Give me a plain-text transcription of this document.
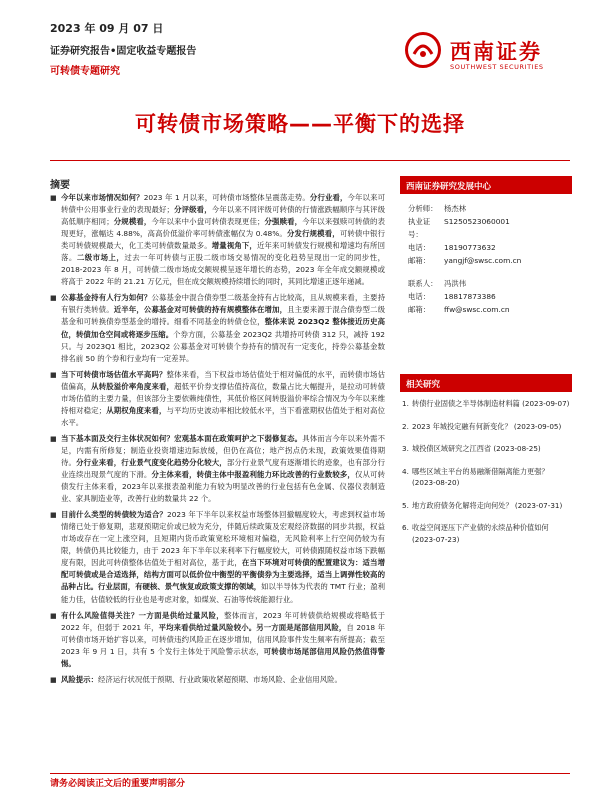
2023 年 09 月 07 日
证券研究报告•固定收益专题报告
可转债专题研究
西南证券
SOUTHWEST SECURITIES
可转债市场策略——平衡下的选择
摘要
■ 今年以来市场情况如何？2023 年 1 月以来，可转债市场整体呈震荡走势。分行业看，今年以来可转债中公用事业行业的表现最好；分评级看，今年以来不同评级可转债的行情涨跌幅顺序与其评级高低顺序相同；分规模看，今年以来中小盘可转债表现更佳；分强赎看，今年以来强赎可转债的表现更好，涨幅达 4.88%，高高价低溢价率可转债涨幅仅为 0.48%。分发行规模看，可转债中银行类可转债规模最大，化工类可转债数量最多。增量视角下，近年来可转债发行规模和增速均有所回落。二级市场上，过去一年可转债与正股二级市场交易情况的变化趋势呈现出一定的同步性，2018-2023 年 8 月，可转债二级市场成交额规模呈逐年增长的态势，2023 年全年成交额规模或将高于 2022 年的 21.21 万亿元，但在成交额规模持续增长的同时，其同比增速正逐年递减。
■ 公募基金持有人行为如何？公募基金中混合债券型二级基金持有占比较高，且从规模来看，主要持有银行类转债。近半年，公募基金对可转债的持有规模整体在增加，且主要来源于混合债券型二级基金和可转换债券型基金的增持。细看不同基金的转债仓位，整体来说 2023Q2 整体接近历史高位，转债加仓空间或将逐步压缩。个券方面，公募基金 2023Q2 共增持可转债 312 只，减持 192 只。与 2023Q1 相比，2023Q2 公募基金对可转债个券持有的情况有一定变化，持券公募基金数排名前 50 的个券和行业均有一定差异。
■ 当下可转债市场估值水平高吗？整体来看，当下权益市场估值处于相对偏低的水平，而转债市场估值偏高，从转股溢价率角度来看，超低平价券支撑估值持高位，数量占比大幅提升，是拉动可转债市场估值的主要力量，但该部分主要依赖纯债性，其低价格区间转股溢价率综合情况为今年以来维持相对稳定；从期权角度来看，与平均历史波动率相比较低水平，当下看涨期权估值处于相对高位水平。
■ 当下基本面及交行主体状况如何？宏观基本面在政策呵护之下弱修复态。具体而言今年以来外需不足，内需有所修复；制造业投资增速边际放缓，但仍在高位；地产拐点仍未现，政策效果值得期待。分行业来看，行业景气度变化趋势分化较大，部分行业景气度有逐渐增长的迹象，也有部分行业连续出现景气度的下滑。分主体来看，转债主体中报盈利能力环比改善的行业数较多，仅从可转债发行主体来看，2023年以来报表盈利能力有较为明显改善的行业包括有色金属、仪器仪表制造业、家具制造业等，改善行业的数量共 22 个。
■ 目前什么类型的转债较为适合？2023 年下半年以来权益市场整体回撤幅度较大，考虑到权益市场情绪已处于修复期，悲观预期定价或已较为充分，伴随后续政策及宏观经济数据的同步共振，权益市场或存在一定上涨空间，且短期内货币政策宽松环境相对偏稳，无风险利率上行空间仍较为有限，转债仍具比较能力，由于 2023 年下半年以来利率下行幅度较大，可转债跟随权益市场下跌幅度有限，因此可转债整体估值处于相对高位，基于此，在当下环境对可转债的配置建议为：适当增配可转债或是合适选择，结构方面可以低价位中衡型的平衡债券为主要选择，适当上调弹性较高的品种占比。行业层面，有硬核、景气恢复或政策支撑的领域，如以半导体为代表的 TMT 行业；盈利能力佳，估值较低的行业也是考虑对象，如煤炭、石油等传统能源行业。
■ 有什么风险值得关注？一方面是供给过量风险，整体而言，2023 年可转债供给规模或将略低于 2022 年，但弱于 2021 年，平均来看供给过量风险较小。另一方面是尾部信用风险，自 2018 年可转债市场开始扩容以来，可转债违约风险正在逐步增加，信用风险事件发生频率有所提高；截至 2023 年 9 月 1 日，共有 5 个发行主体处于风险警示状态，可转债市场尾部信用风险仍然值得警惕。
■ 风险提示：经济运行状况低于预期、行业政策收紧超预期、市场风险、企业信用风险。
西南证券研究发展中心
分析师： 杨杰林
执业证号：
S1250523060001
电话：	18190773632
邮箱：	yangjf@swsc.com.cn
联系人： 冯洪伟
电话：	18817873386
邮箱：	ffw@swsc.com.cn
相关研究
1. 转债行业固债之半导体制造材料篇 (2023-09-07)
2. 2023 年城投定融有何新变化？ (2023-09-05)
3. 城投债区域研究之江西省 (2023-08-25)
4. 哪些区域主平台的易融渐借隔离能力更强？ (2023-08-20)
5. 地方政府债务化解将走向何处？ (2023-07-31)
6. 收益空间逐压下产业债的永续品种价值如何 (2023-07-23)
请务必阅读正文后的重要声明部分
